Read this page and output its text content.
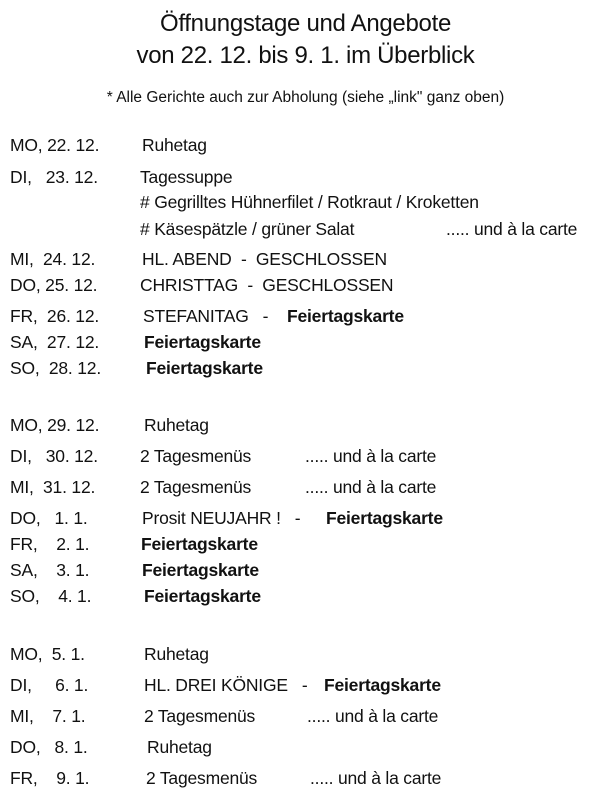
Öffnungstage und Angebote
von 22. 12. bis 9. 1. im Überblick
* Alle Gerichte auch zur Abholung (siehe „link" ganz oben)
MO, 22. 12. Ruhetag
DI,   23. 12. Tagessuppe
# Gegrilltes Hühnerfilet / Rotkraut / Kroketten
# Käsespätzle / grüner Salat	..... und à la carte
MI,  24. 12.	HL. ABEND  -  GESCHLOSSEN
DO, 25. 12. CHRISTTAG  -  GESCHLOSSEN
FR,  26. 12.	STEFANITAG   - Feiertagskarte
SA,  27. 12.	Feiertagskarte
SO,  28. 12.	Feiertagskarte
MO, 29. 12.	Ruhetag
DI,   30. 12. 2 Tagesmenüs	..... und à la carte
MI,  31. 12.	2 Tagesmenüs	..... und à la carte
DO,   1. 1.	Prosit NEUJAHR !   - Feiertagskarte
FR,    2. 1.	Feiertagskarte
SA,    3. 1.	Feiertagskarte
SO,    4. 1.	Feiertagskarte
MO,  5. 1.	Ruhetag
DI,     6. 1.	HL. DREI KÖNIGE   - Feiertagskarte
MI,    7. 1.	2 Tagesmenüs	..... und à la carte
DO,   8. 1.	Ruhetag
FR,    9. 1.	2 Tagesmenüs	..... und à la carte
